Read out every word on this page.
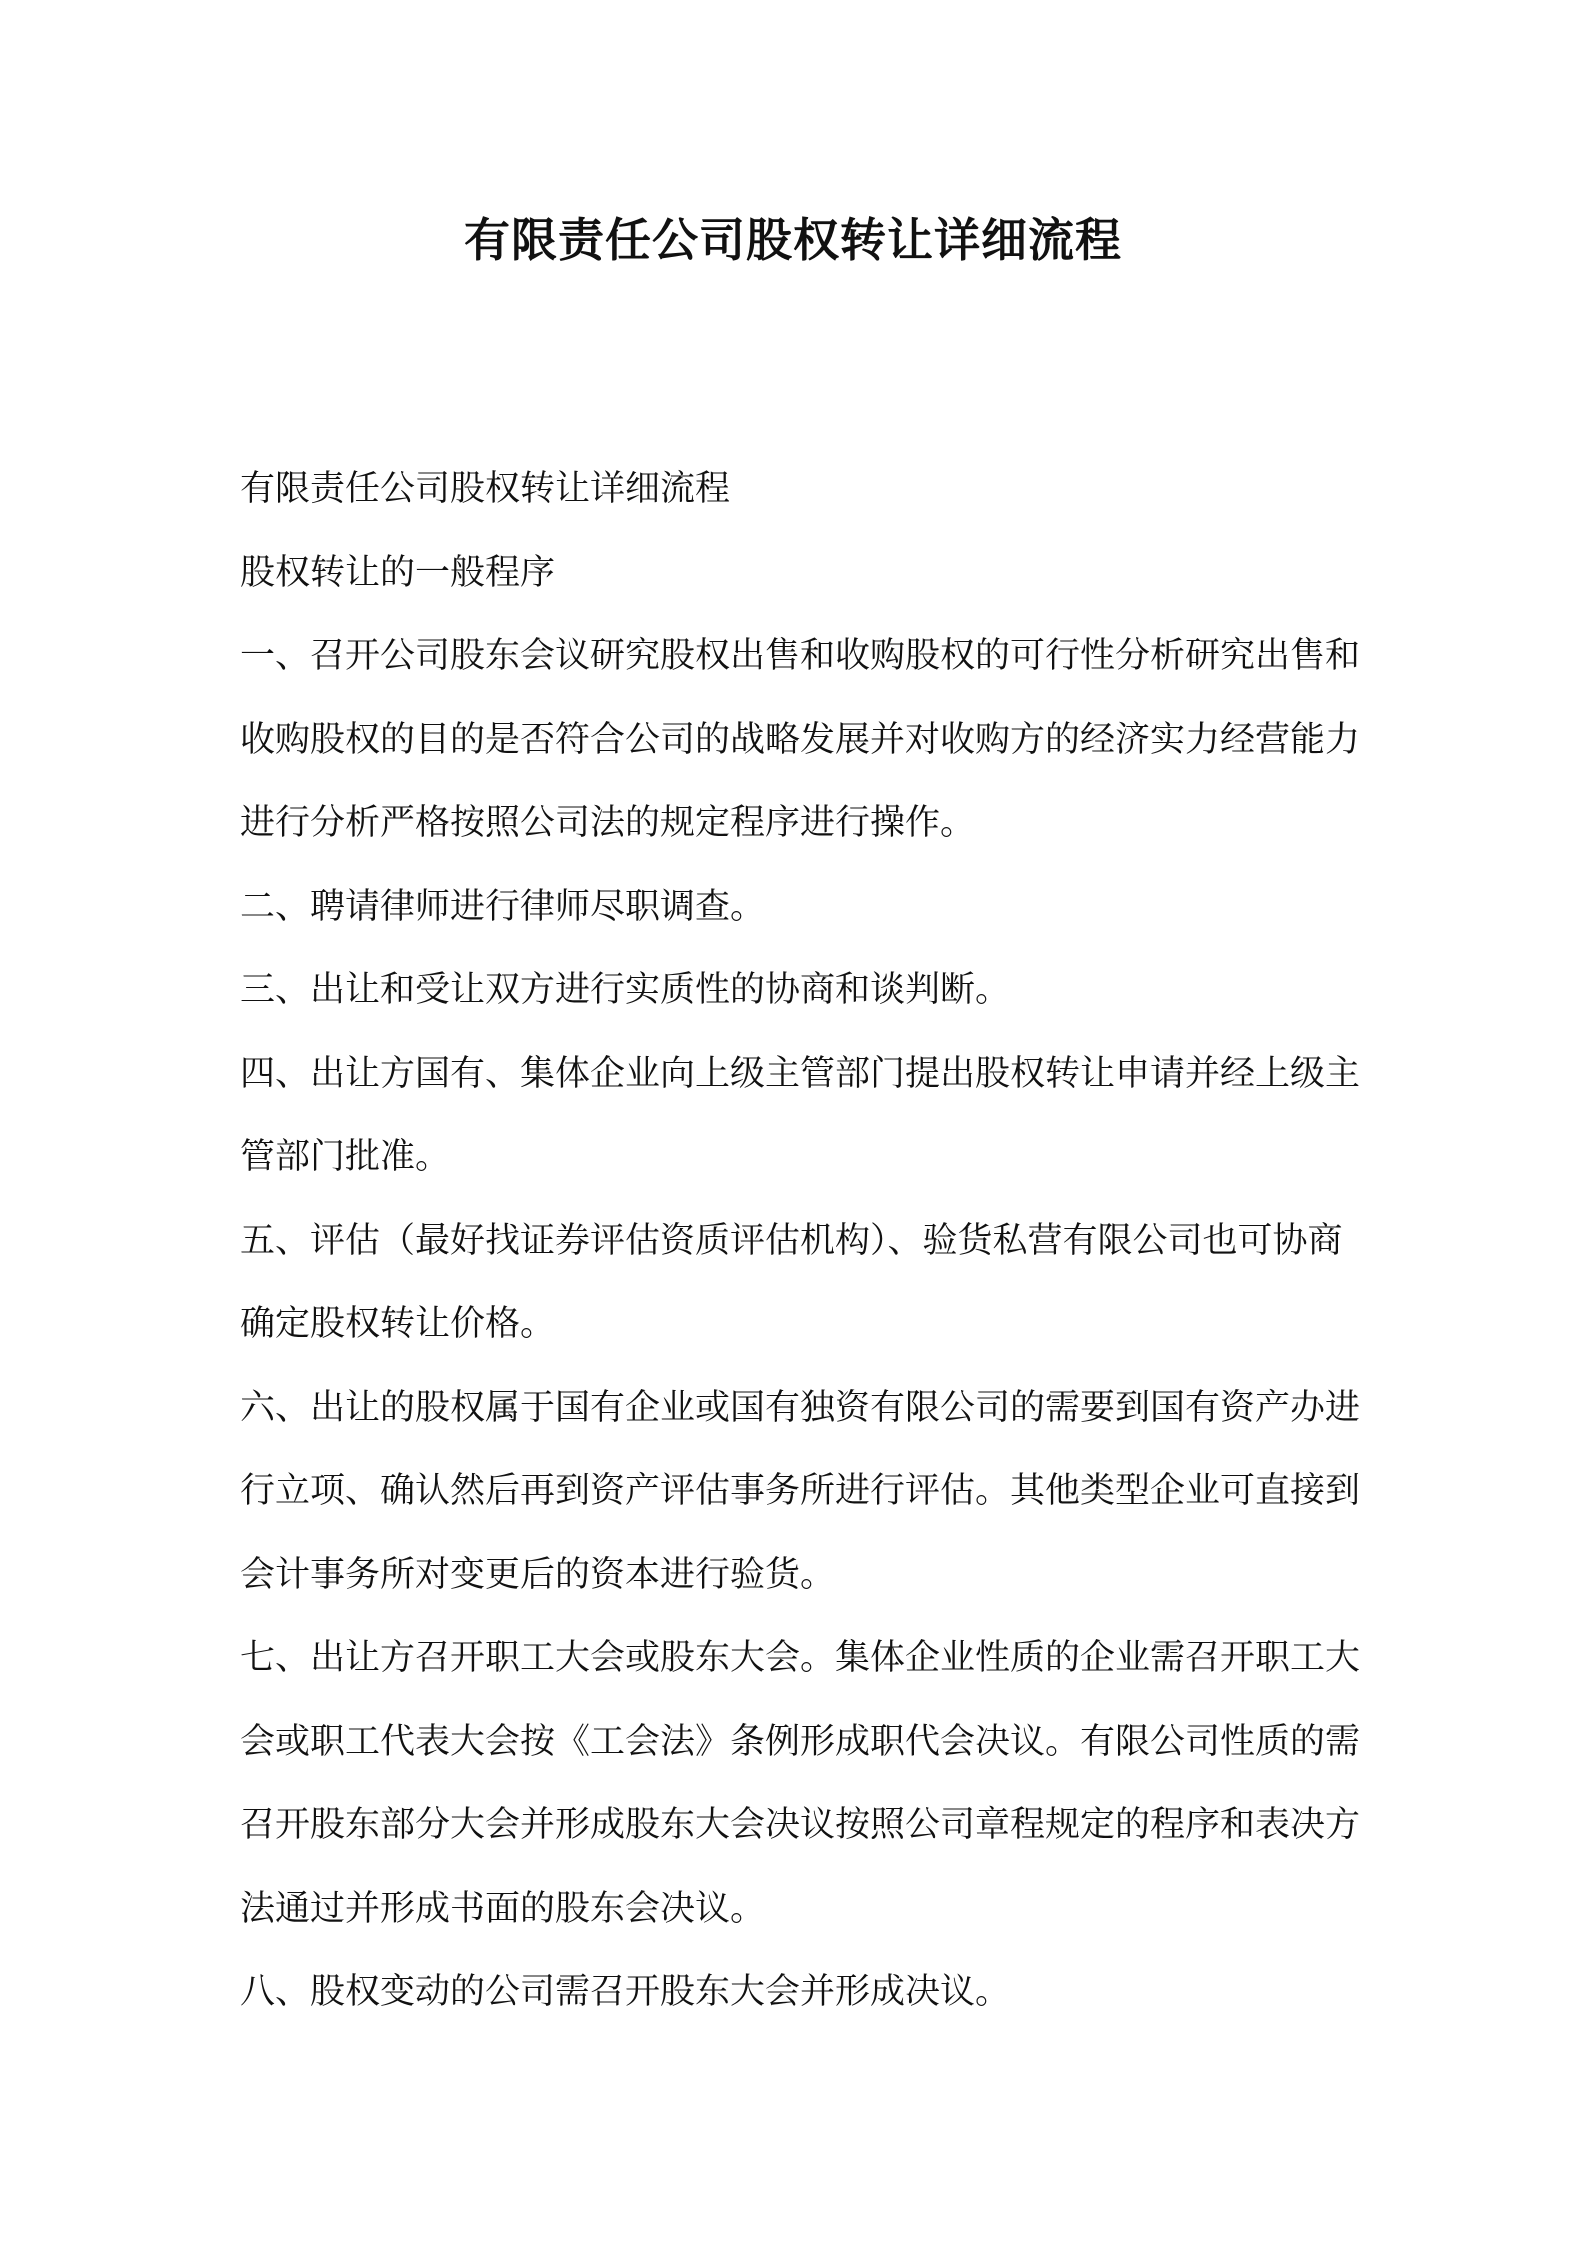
有限责任公司股权转让详细流程

有限责任公司股权转让详细流程

股权转让的一般程序

一、召开公司股东会议研究股权出售和收购股权的可行性分析研究出售和收购股权的目的是否符合公司的战略发展并对收购方的经济实力经营能力进行分析严格按照公司法的规定程序进行操作。

二、聘请律师进行律师尽职调查。

三、出让和受让双方进行实质性的协商和谈判断。

四、出让方国有、集体企业向上级主管部门提出股权转让申请并经上级主管部门批准。

五、评估（最好找证券评估资质评估机构）、验货私营有限公司也可协商确定股权转让价格。

六、出让的股权属于国有企业或国有独资有限公司的需要到国有资产办进行立项、确认然后再到资产评估事务所进行评估。其他类型企业可直接到会计事务所对变更后的资本进行验货。

七、出让方召开职工大会或股东大会。集体企业性质的企业需召开职工大会或职工代表大会按《工会法》条例形成职代会决议。有限公司性质的需召开股东部分大会并形成股东大会决议按照公司章程规定的程序和表决方法通过并形成书面的股东会决议。

八、股权变动的公司需召开股东大会并形成决议。
